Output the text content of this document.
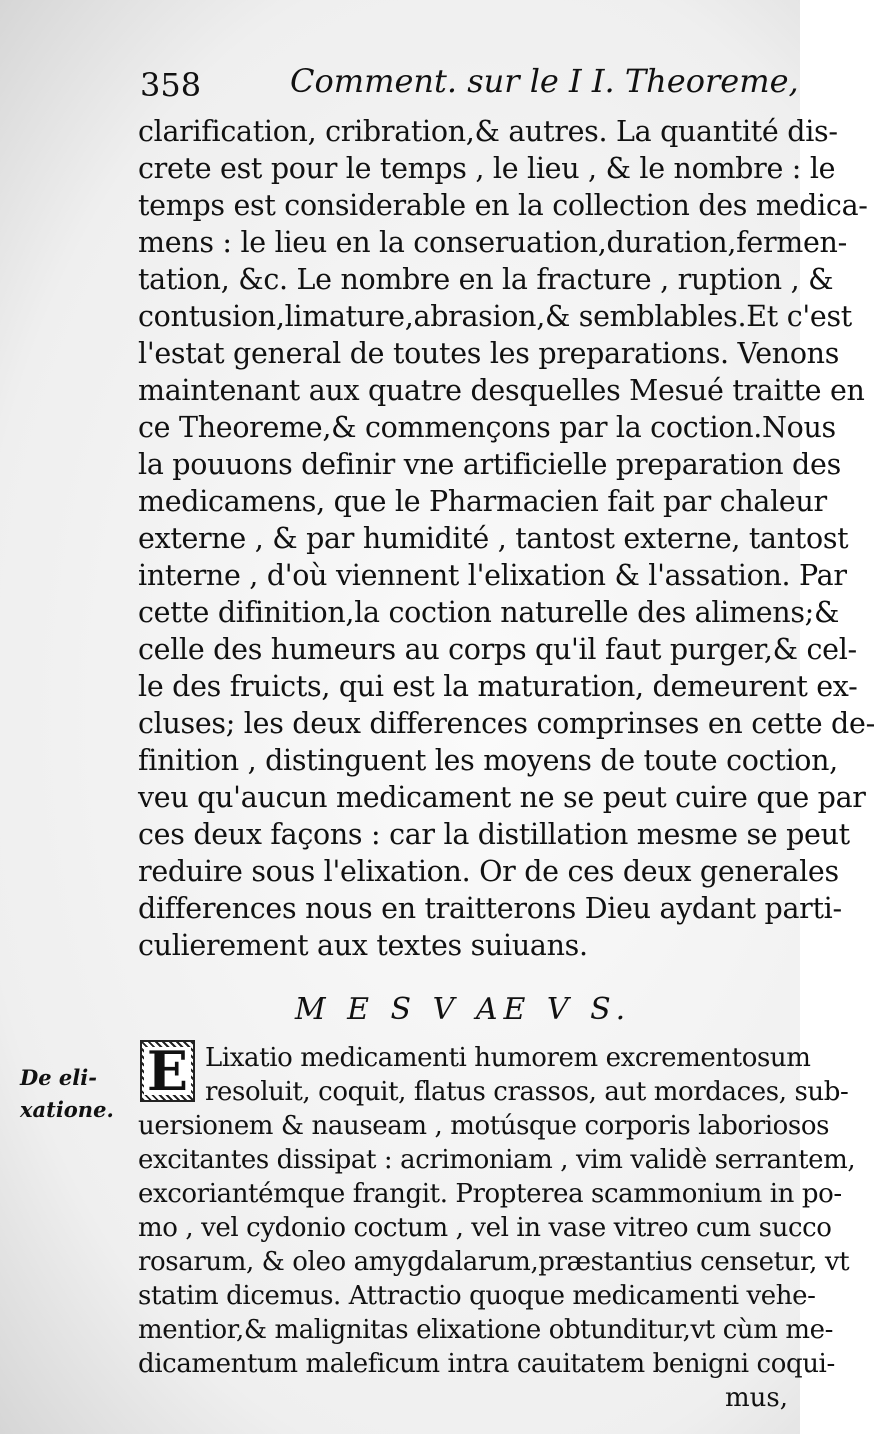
358	Comment. sur le I I. Theoreme,
clarification, cribration,& autres. La quantité dis-
crete est pour le temps , le lieu , & le nombre : le
temps est considerable en la collection des medica-
mens : le lieu en la conseruation,duration,fermen-
tation, &c. Le nombre en la fracture , ruption , &
contusion,limature,abrasion,& semblables.Et c'est
l'estat general de toutes les preparations. Venons
maintenant aux quatre desquelles Mesué traitte en
ce Theoreme,& commençons par la coction.Nous
la pouuons definir vne artificielle preparation des
medicamens, que le Pharmacien fait par chaleur
externe , & par humidité , tantost externe, tantost
interne , d'où viennent l'elixation & l'assation. Par
cette difinition,la coction naturelle des alimens;&
celle des humeurs au corps qu'il faut purger,& cel-
le des fruicts, qui est la maturation, demeurent ex-
cluses; les deux differences comprinses en cette de-
finition , distinguent les moyens de toute coction,
veu qu'aucun medicament ne se peut cuire que par
ces deux façons : car la distillation mesme se peut
reduire sous l'elixation. Or de ces deux generales
differences nous en traitterons Dieu aydant parti-
culierement aux textes suiuans.
M E S V AE V S.
De eli-
xatione.
E Lixatio medicamenti humorem excrementosum
resoluit, coquit, flatus crassos, aut mordaces, sub-
uersionem & nauseam , motúsque corporis laboriosos
excitantes dissipat : acrimoniam , vim validè serrantem,
excoriantémque frangit. Propterea scammonium in po-
mo , vel cydonio coctum , vel in vase vitreo cum succo
rosarum, & oleo amygdalarum,præstantius censetur, vt
statim dicemus. Attractio quoque medicamenti vehe-
mentior,& malignitas elixatione obtunditur,vt cùm me-
dicamentum maleficum intra cauitatem benigni coqui-
mus,
